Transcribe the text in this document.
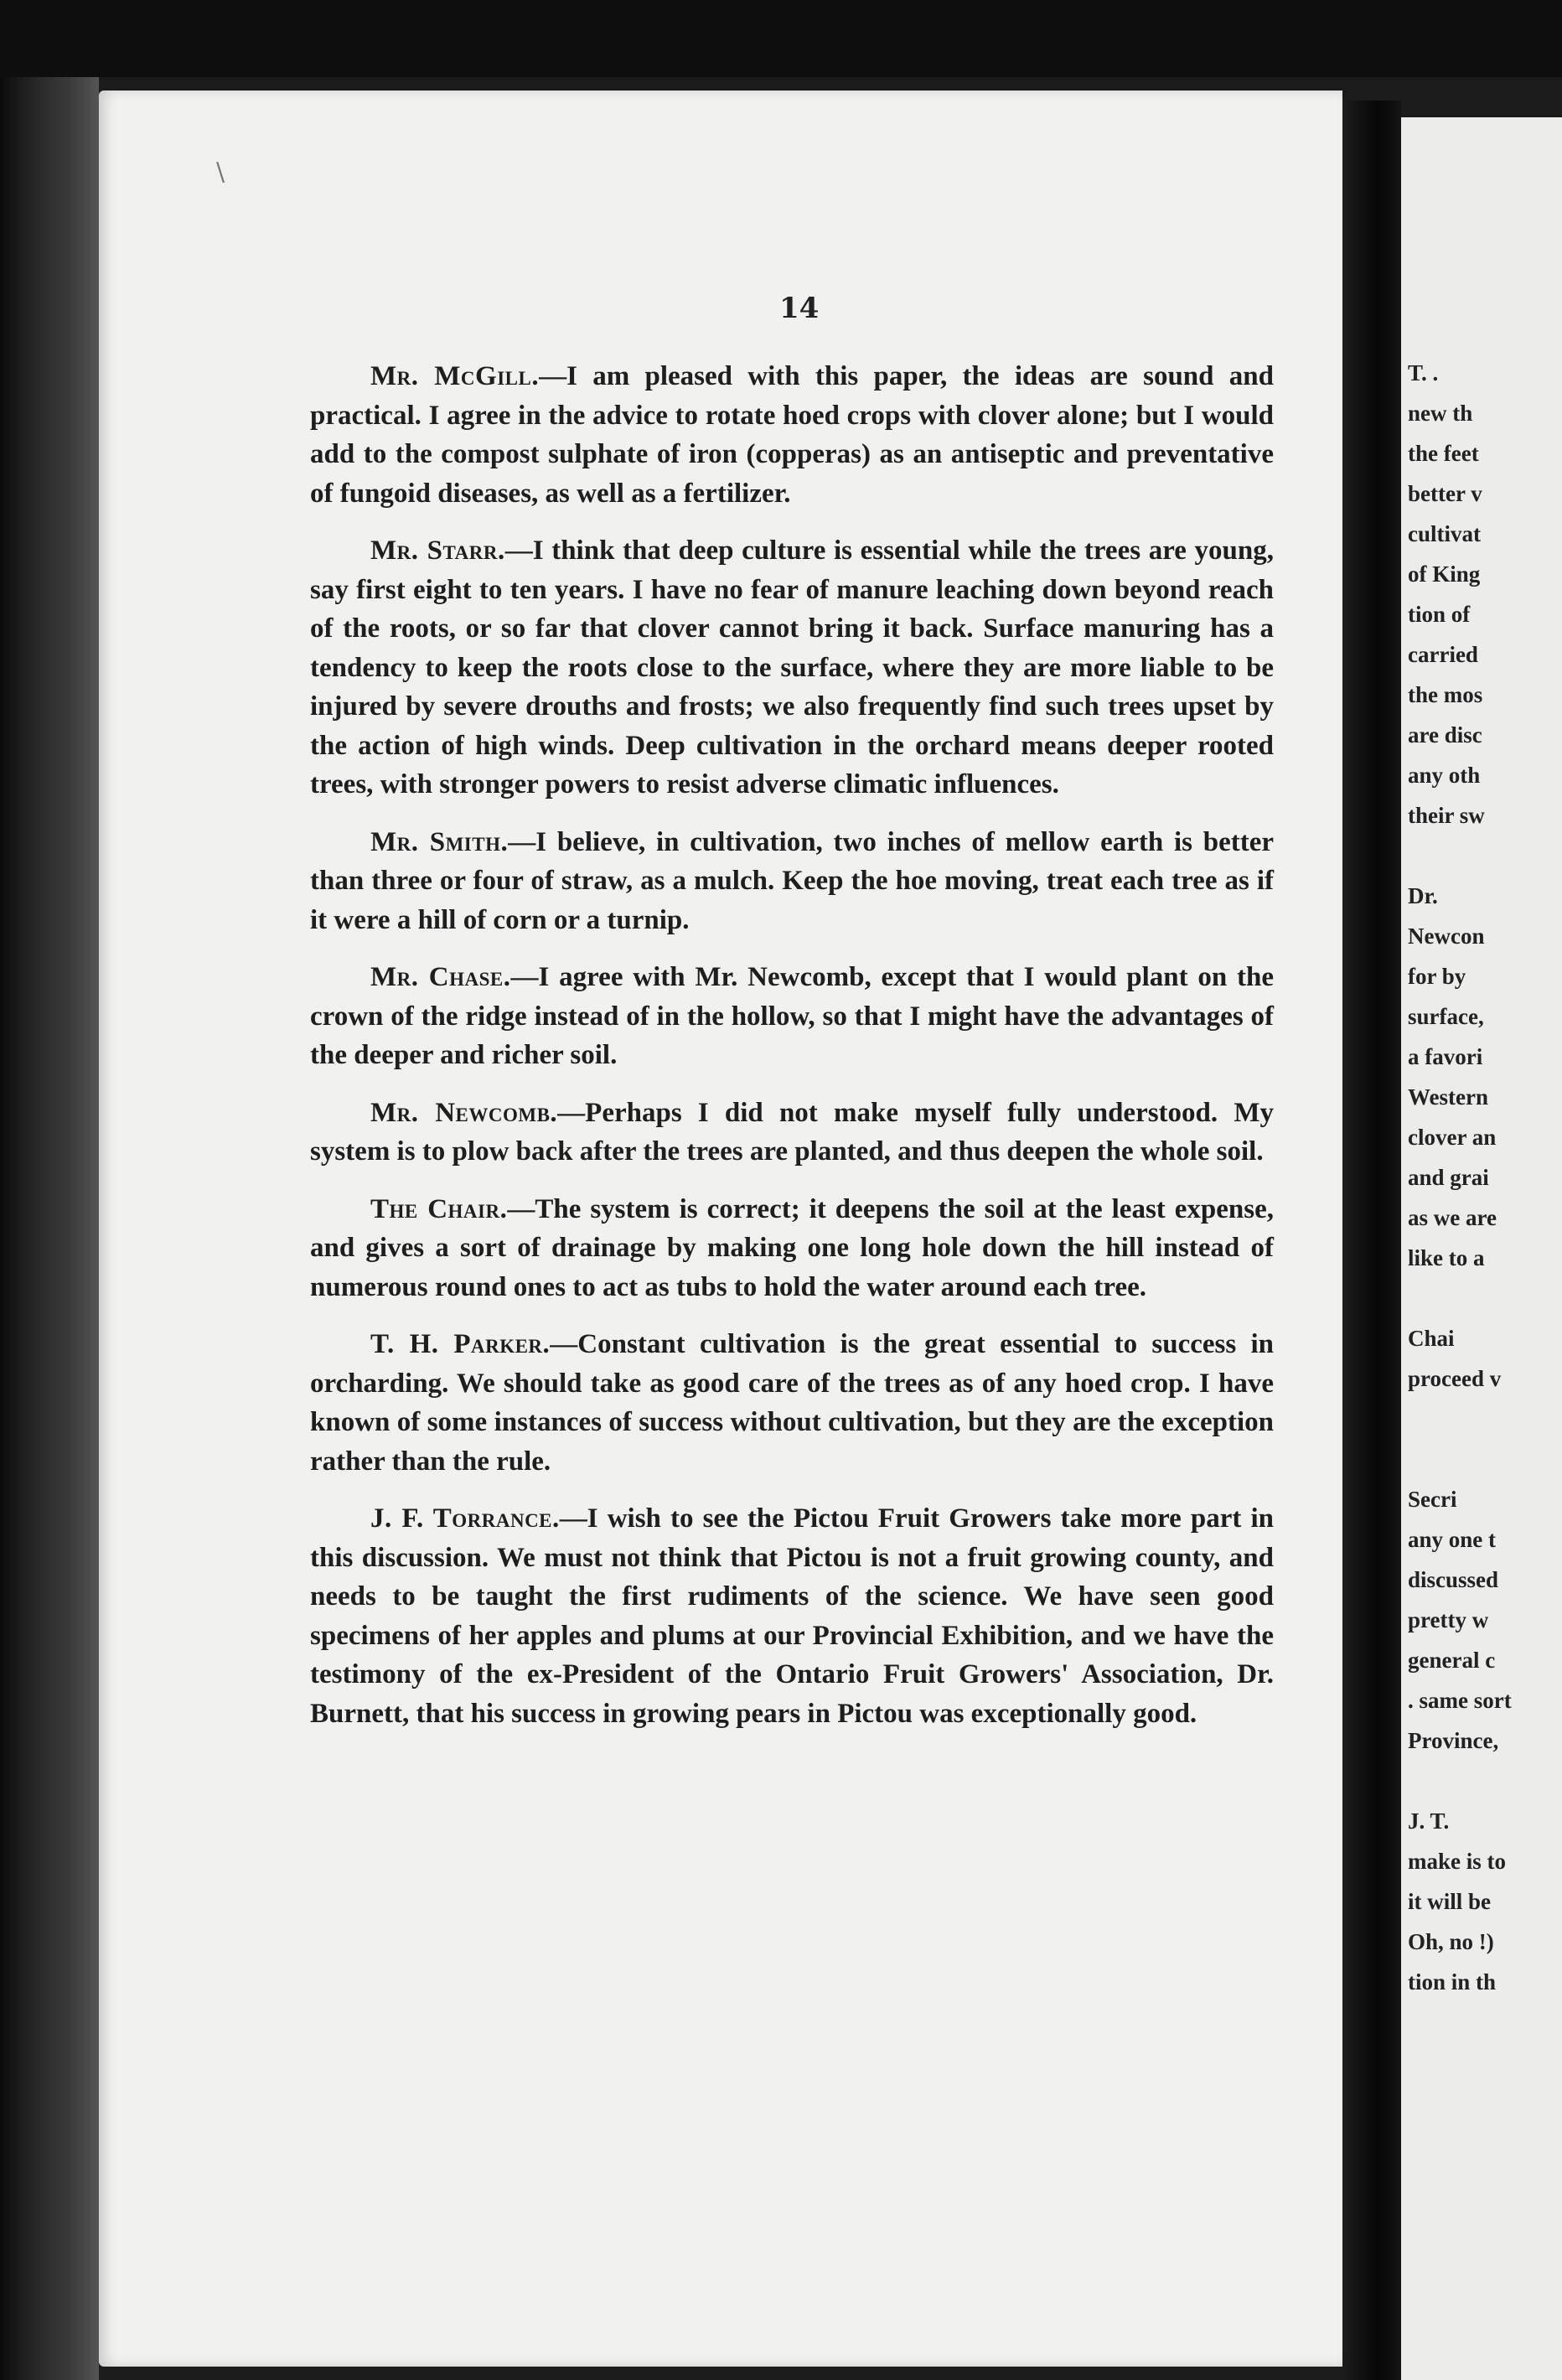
\
T. .
new th
the feet
better v
cultivat
of King
tion of
carried
the mos
are disc
any oth
their sw
Dr.
Newcon
for by
surface,
a favori
Western
clover an
and grai
as we are
like to a
Chai
proceed v
Secri
any one t
discussed
pretty w
general c
. same sort
Province,
J. T.
make is to
it will be
Oh, no !)
tion in th
14

Mr. McGill.—I am pleased with this paper, the ideas are sound and practical. I agree in the advice to rotate hoed crops with clover alone; but I would add to the compost sulphate of iron (copperas) as an antiseptic and preventative of fungoid diseases, as well as a fertilizer.

Mr. Starr.—I think that deep culture is essential while the trees are young, say first eight to ten years. I have no fear of manure leaching down beyond reach of the roots, or so far that clover cannot bring it back. Surface manuring has a tendency to keep the roots close to the surface, where they are more liable to be injured by severe drouths and frosts; we also frequently find such trees upset by the action of high winds. Deep cultivation in the orchard means deeper rooted trees, with stronger powers to resist adverse climatic influences.

Mr. Smith.—I believe, in cultivation, two inches of mellow earth is better than three or four of straw, as a mulch. Keep the hoe moving, treat each tree as if it were a hill of corn or a turnip.

Mr. Chase.—I agree with Mr. Newcomb, except that I would plant on the crown of the ridge instead of in the hollow, so that I might have the advantages of the deeper and richer soil.

Mr. Newcomb.—Perhaps I did not make myself fully understood. My system is to plow back after the trees are planted, and thus deepen the whole soil.

The Chair.—The system is correct; it deepens the soil at the least expense, and gives a sort of drainage by making one long hole down the hill instead of numerous round ones to act as tubs to hold the water around each tree.

T. H. Parker.—Constant cultivation is the great essential to success in orcharding. We should take as good care of the trees as of any hoed crop. I have known of some instances of success without cultivation, but they are the exception rather than the rule.

J. F. Torrance.—I wish to see the Pictou Fruit Growers take more part in this discussion. We must not think that Pictou is not a fruit growing county, and needs to be taught the first rudiments of the science. We have seen good specimens of her apples and plums at our Provincial Exhibition, and we have the testimony of the ex-President of the Ontario Fruit Growers' Association, Dr. Burnett, that his success in growing pears in Pictou was exceptionally good.
